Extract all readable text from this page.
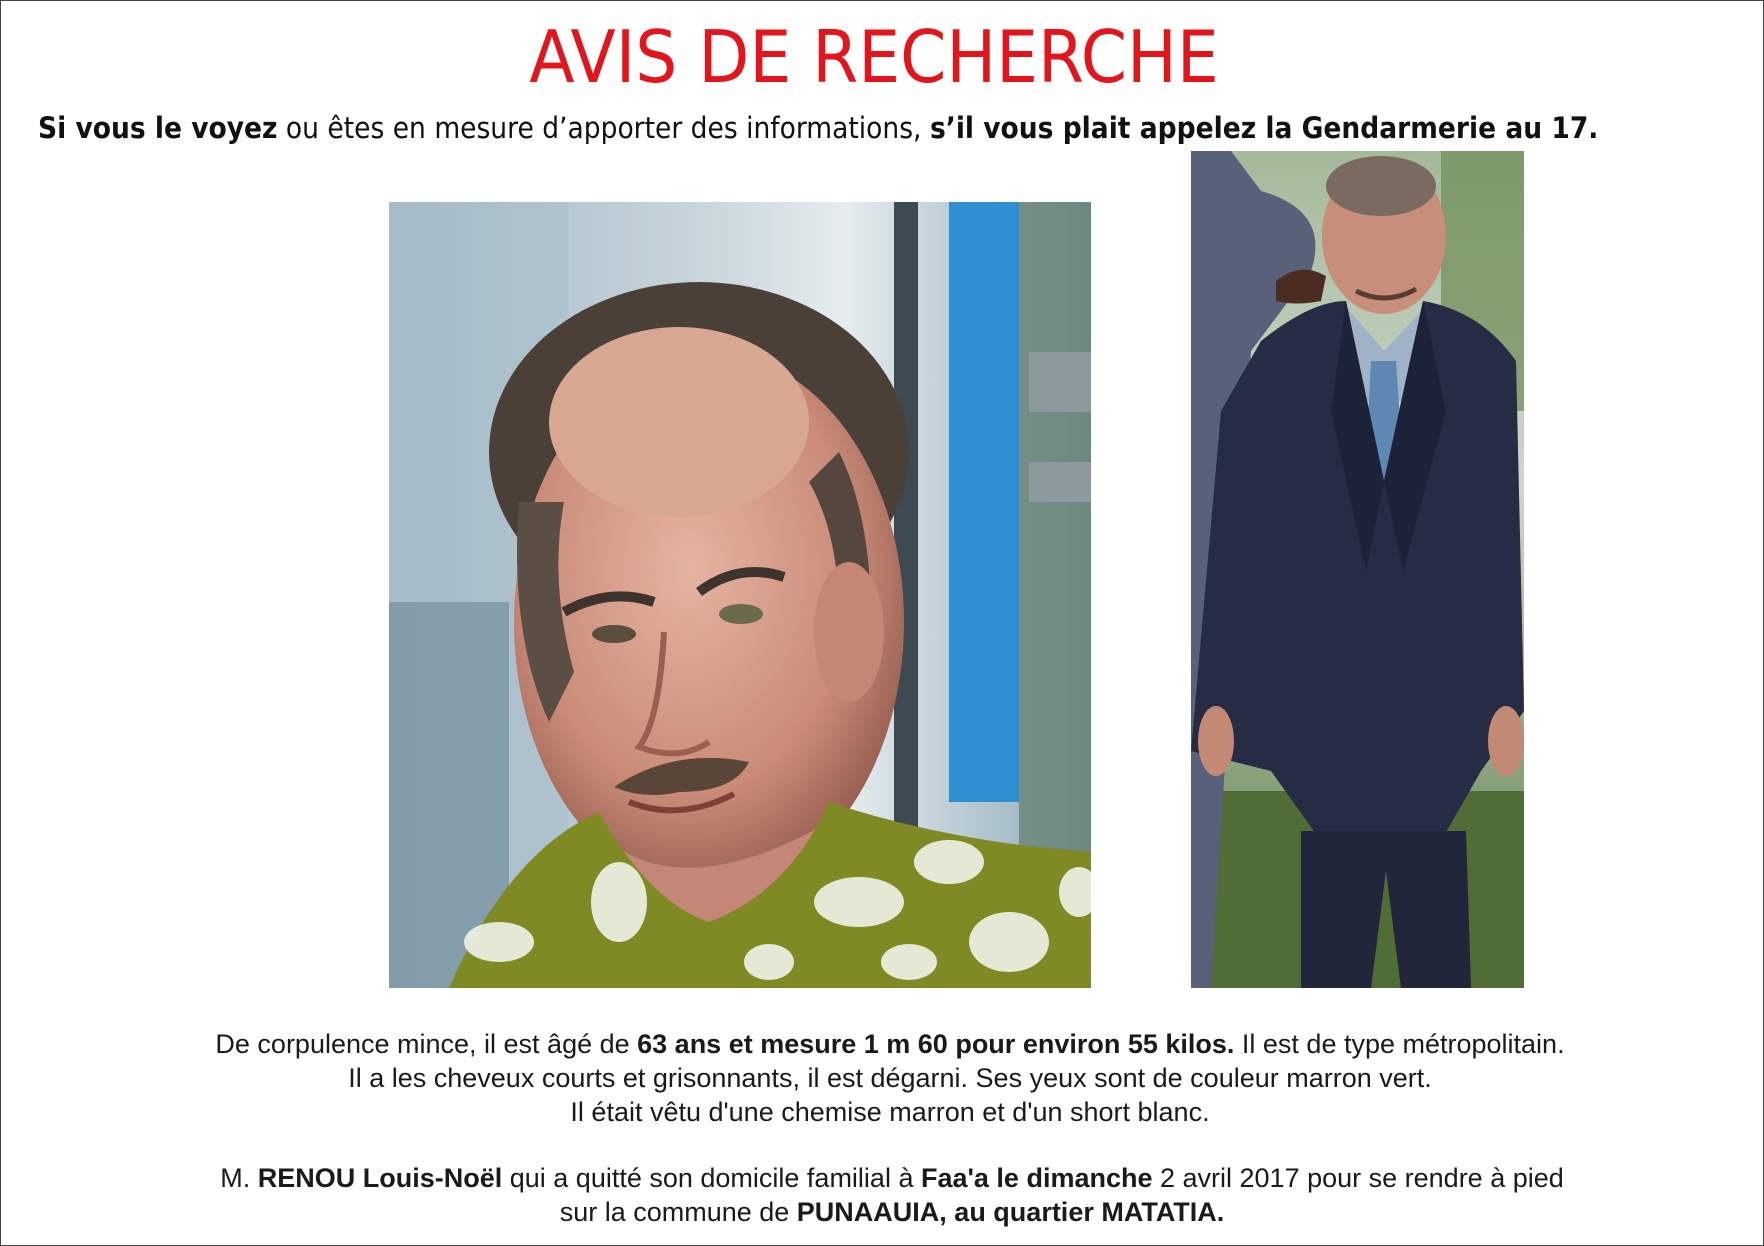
AVIS DE RECHERCHE
Si vous le voyez ou êtes en mesure d’apporter des informations, s’il vous plait appelez la Gendarmerie au 17.
De corpulence mince, il est âgé de 63 ans et mesure 1 m 60 pour environ 55 kilos. Il est de type métropolitain.
Il a les cheveux courts et grisonnants, il est dégarni. Ses yeux sont de couleur marron vert.
Il était vêtu d'une chemise marron et d'un short blanc.
M. RENOU Louis-Noël qui a quitté son domicile familial à Faa'a le dimanche 2 avril 2017 pour se rendre à pied
sur la commune de PUNAAUIA, au quartier MATATIA.
